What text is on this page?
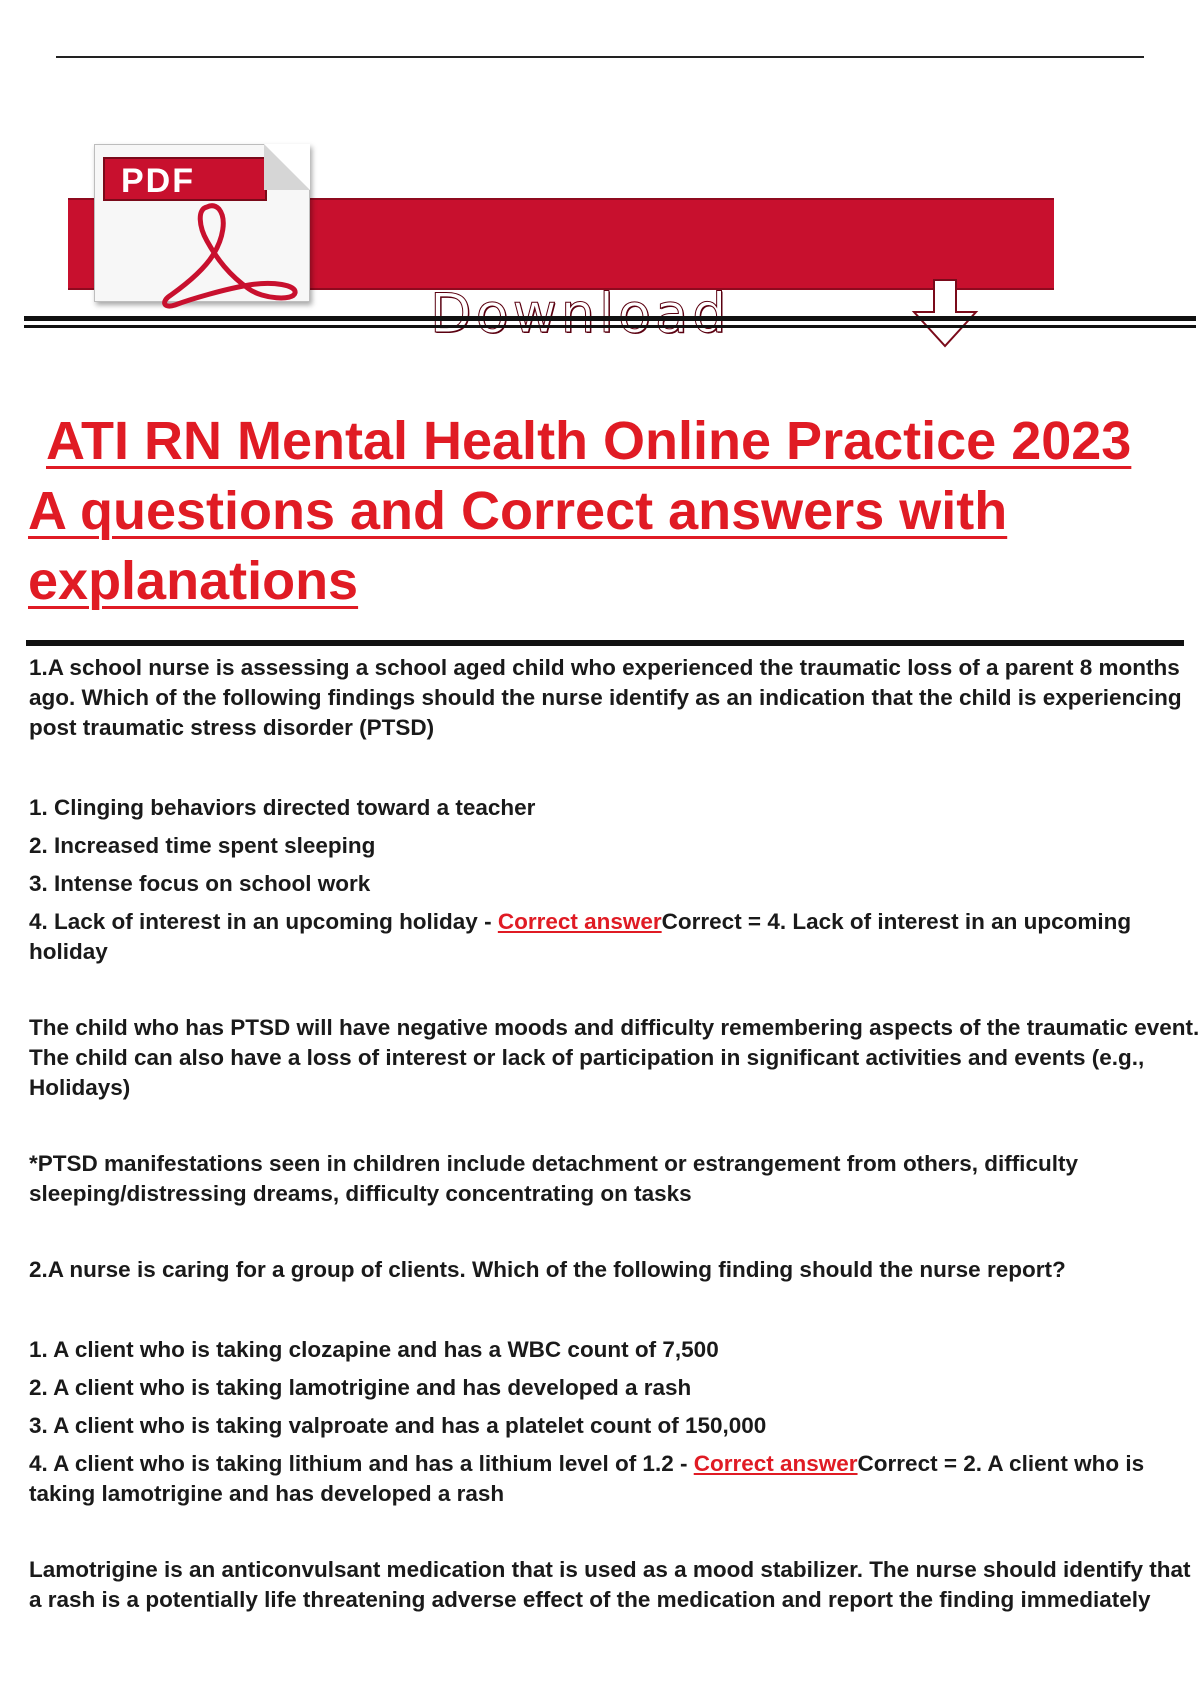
Download
PDF
ATI RN Mental Health Online Practice 2023
A questions and Correct answers with
explanations

1.A school nurse is assessing a school aged child who experienced the traumatic loss of a parent 8 months ago. Which of the following findings should the nurse identify as an indication that the child is experiencing post traumatic stress disorder (PTSD)

1. Clinging behaviors directed toward a teacher

2. Increased time spent sleeping

3. Intense focus on school work

4. Lack of interest in an upcoming holiday - Correct answerCorrect = 4. Lack of interest in an upcoming holiday

The child who has PTSD will have negative moods and difficulty remembering aspects of the traumatic event. The child can also have a loss of interest or lack of participation in significant activities and events (e.g., Holidays)

*PTSD manifestations seen in children include detachment or estrangement from others, difficulty sleeping/distressing dreams, difficulty concentrating on tasks

2.A nurse is caring for a group of clients. Which of the following finding should the nurse report?

1. A client who is taking clozapine and has a WBC count of 7,500

2. A client who is taking lamotrigine and has developed a rash

3. A client who is taking valproate and has a platelet count of 150,000

4. A client who is taking lithium and has a lithium level of 1.2 - Correct answerCorrect = 2. A client who is taking lamotrigine and has developed a rash

Lamotrigine is an anticonvulsant medication that is used as a mood stabilizer. The nurse should identify that a rash is a potentially life threatening adverse effect of the medication and report the finding immediately
